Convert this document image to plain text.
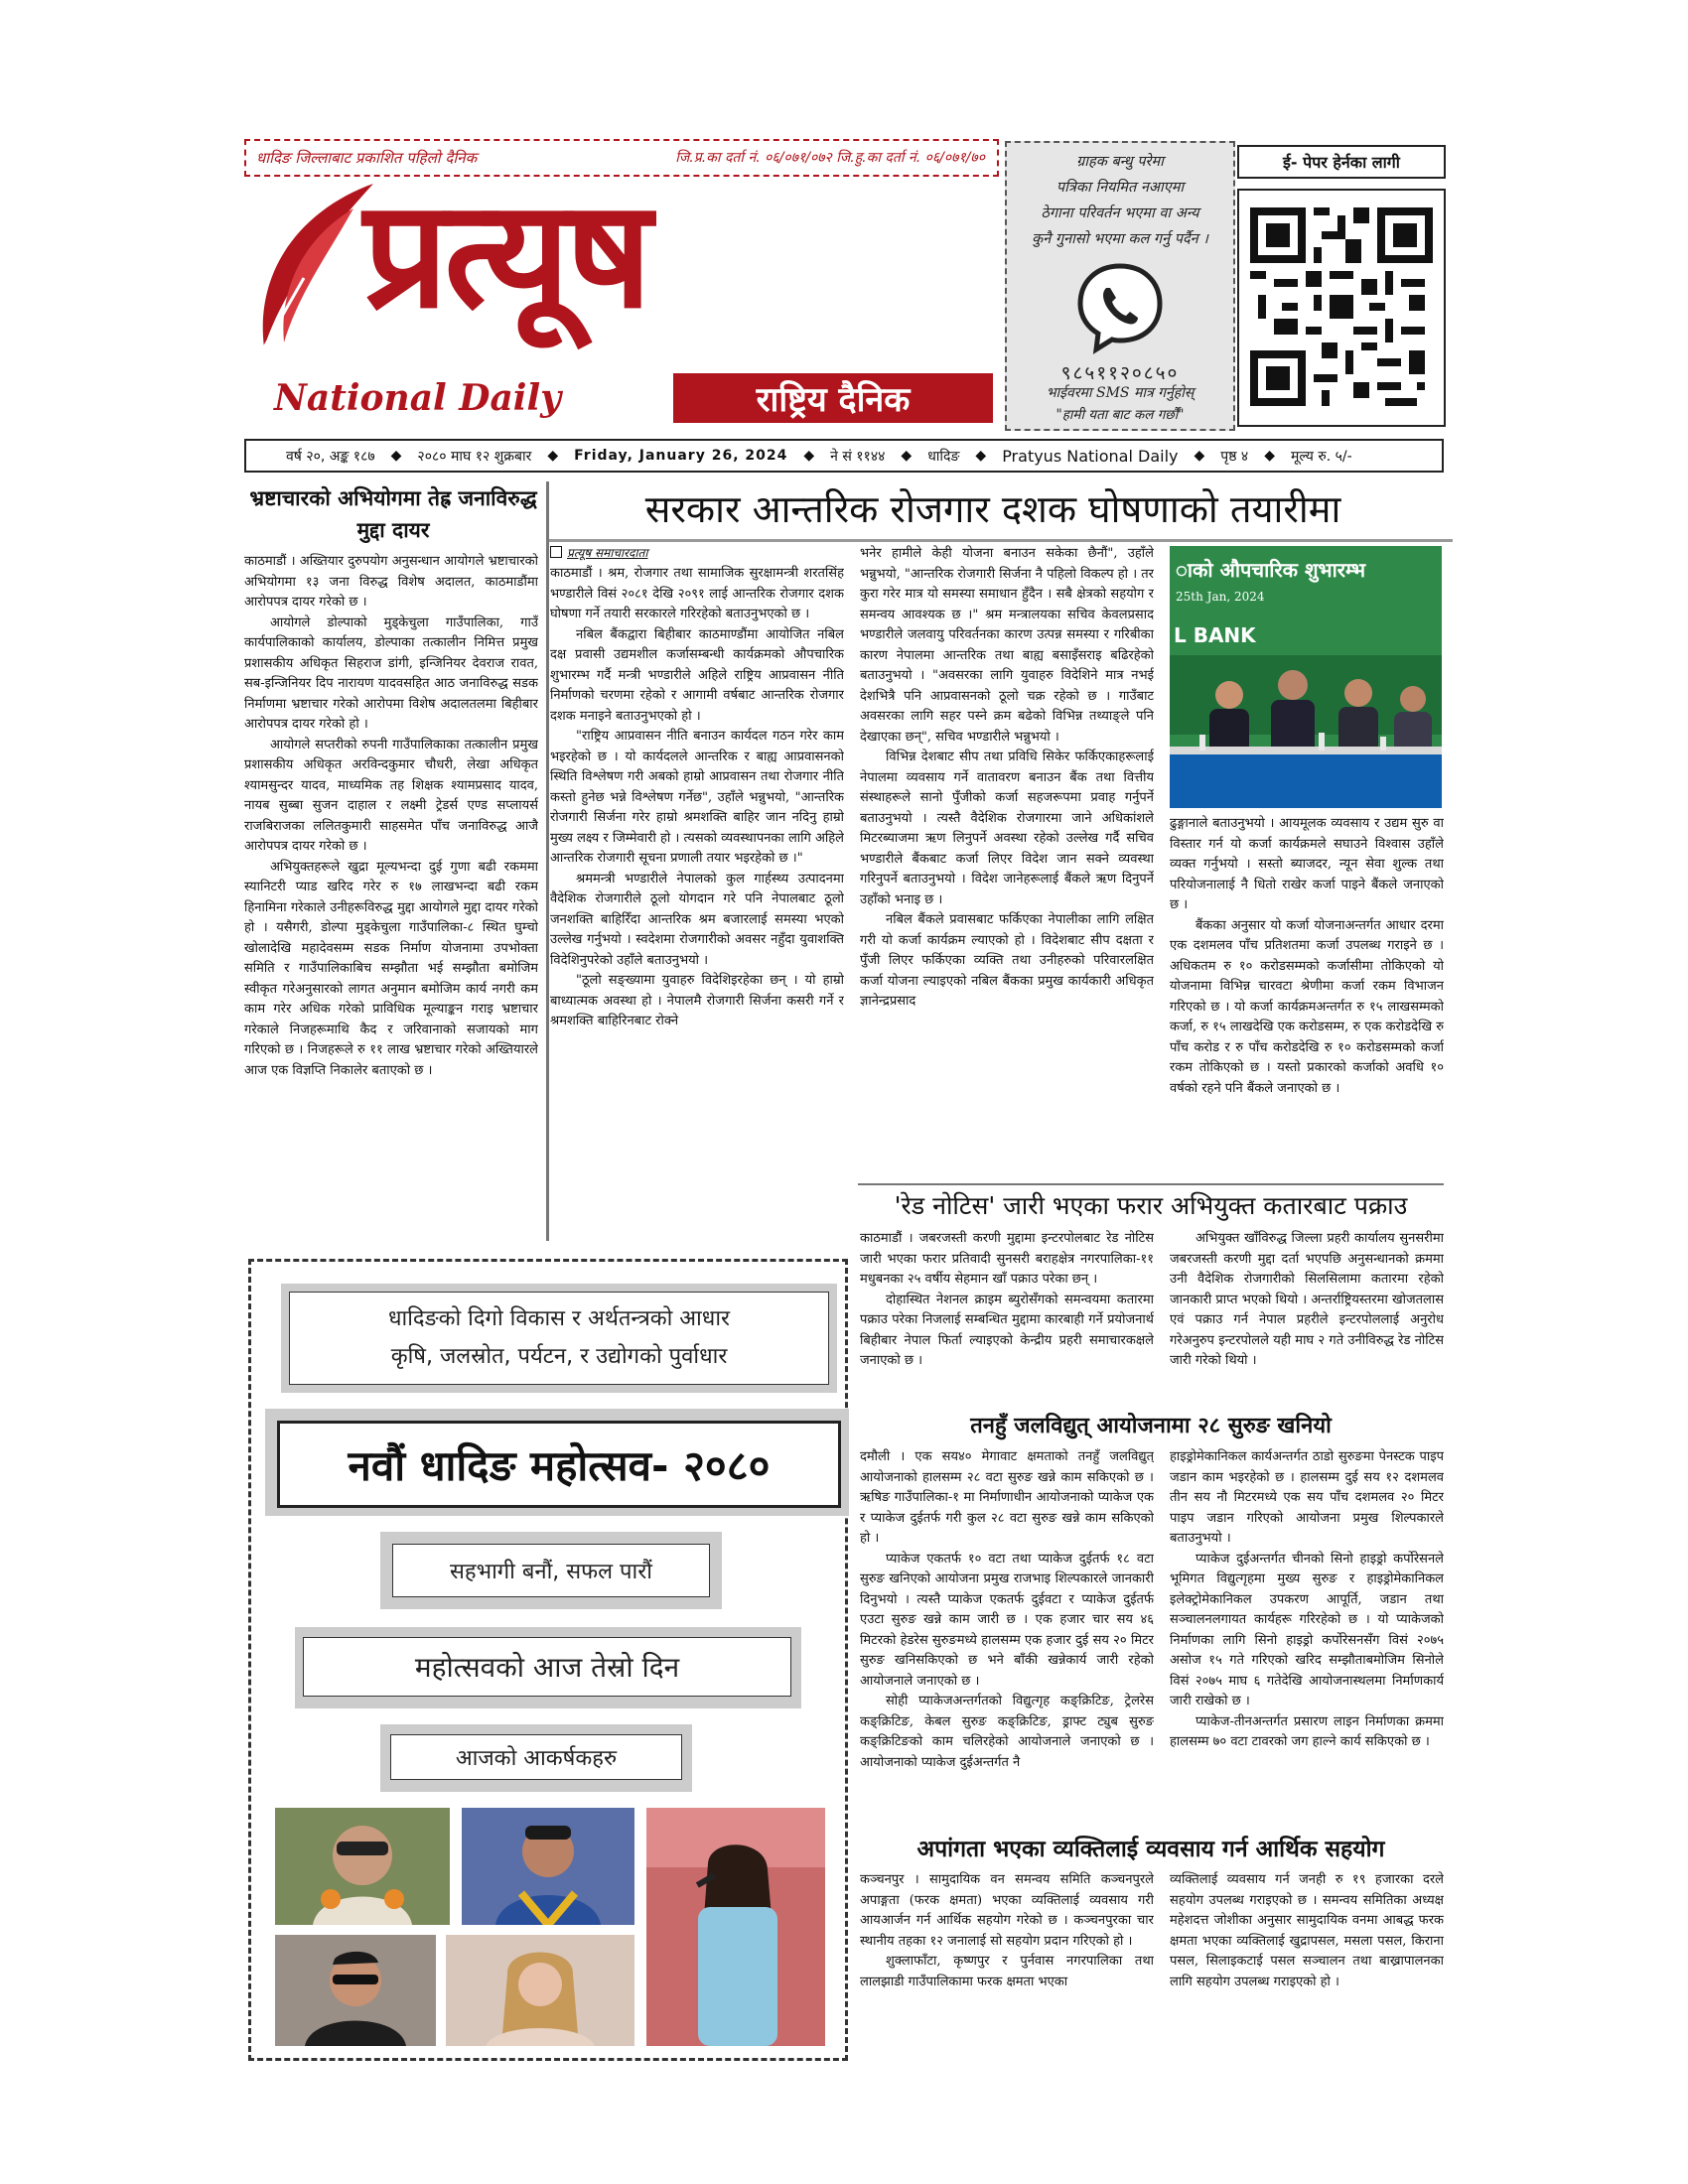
धादिङ जिल्लाबाट प्रकाशित पहिलो दैनिक	जि.प्र.का दर्ता नं. ०६/०७१/०७२ जि.हु.का दर्ता नं. ०६/०७१/७०
प्रत्यूष
National Daily	राष्ट्रिय दैनिक
ग्राहक बन्धु परेमा
पत्रिका नियमित नआएमा
ठेगाना परिवर्तन भएमा वा अन्य
कुनै गुनासो भएमा कल गर्नु पर्दैन ।
९८५११२०८५०
भाईवरमा SMS मात्र गर्नुहोस्
"हामी यता बाट कल गर्छौं"
ई- पेपर हेर्नका लागी
वर्ष २०, अङ्क १८७ ◆ २०८० माघ १२ शुक्रबार ◆ Friday, January 26, 2024 ◆ ने सं ११४४ ◆ धादिङ ◆ Pratyus National Daily ◆ पृष्ठ ४ ◆ मूल्य रु. ५/-
भ्रष्टाचारको अभियोगमा तेह्र जनाविरुद्ध मुद्दा दायर

काठमाडौं । अख्तियार दुरुपयोग अनुसन्धान आयोगले भ्रष्टाचारको अभियोगमा १३ जना विरुद्ध विशेष अदालत, काठमाडौंमा आरोपपत्र दायर गरेको छ ।

आयोगले डोल्पाको मुड्केचुला गाउँपालिका, गाउँ कार्यपालिकाको कार्यालय, डोल्पाका तत्कालीन निमित्त प्रमुख प्रशासकीय अधिकृत सिहराज डांगी, इन्जिनियर देवराज रावत, सब-इन्जिनियर दिप नारायण यादवसहित आठ जनाविरुद्ध सडक निर्माणमा भ्रष्टाचार गरेको आरोपमा विशेष अदालतलमा बिहीबार आरोपपत्र दायर गरेको हो ।

आयोगले सप्तरीको रुपनी गाउँपालिकाका तत्कालीन प्रमुख प्रशासकीय अधिकृत अरविन्दकुमार चौधरी, लेखा अधिकृत श्यामसुन्दर यादव, माध्यमिक तह शिक्षक श्यामप्रसाद यादव, नायब सुब्बा सुजन दाहाल र लक्ष्मी ट्रेडर्स एण्ड सप्लायर्स राजबिराजका ललितकुमारी साहसमेत पाँच जनाविरुद्ध आजै आरोपपत्र दायर गरेको छ ।

अभियुक्तहरूले खुद्रा मूल्यभन्दा दुई गुणा बढी रकममा स्यानिटरी प्याड खरिद गरेर रु १७ लाखभन्दा बढी रकम हिनामिना गरेकाले उनीहरूविरुद्ध मुद्दा आयोगले मुद्दा दायर गरेको हो । यसैगरी, डोल्पा मुड्केचुला गाउँपालिका-८ स्थित घुम्चो खोलादेखि महादेवसम्म सडक निर्माण योजनामा उपभोक्ता समिति र गाउँपालिकाबिच सम्झौता भई सम्झौता बमोजिम स्वीकृत गरेअनुसारको लागत अनुमान बमोजिम कार्य नगरी कम काम गरेर अधिक गरेको प्राविधिक मूल्याङ्कन गराइ भ्रष्टाचार गरेकाले निजहरूमाथि कैद र जरिवानाको सजायको माग गरिएको छ । निजहरूले रु ११ लाख भ्रष्टाचार गरेको अख्तियारले आज एक विज्ञप्ति निकालेर बताएको छ ।

सरकार आन्तरिक रोजगार दशक घोषणाको तयारीमा
प्रत्यूष समाचारदाता

काठमाडौं । श्रम, रोजगार तथा सामाजिक सुरक्षामन्त्री शरतसिंह भण्डारीले विसं २०८१ देखि २०९१ लाई आन्तरिक रोजगार दशक घोषणा गर्ने तयारी सरकारले गरिरहेको बताउनुभएको छ ।

नबिल बैंकद्वारा बिहीबार काठमाण्डौंमा आयोजित नबिल दक्ष प्रवासी उद्यमशील कर्जासम्बन्धी कार्यक्रमको औपचारिक शुभारम्भ गर्दै मन्त्री भण्डारीले अहिले राष्ट्रिय आप्रवासन नीति निर्माणको चरणमा रहेको र आगामी वर्षबाट आन्तरिक रोजगार दशक मनाइने बताउनुभएको हो ।

"राष्ट्रिय आप्रवासन नीति बनाउन कार्यदल गठन गरेर काम भइरहेको छ । यो कार्यदलले आन्तरिक र बाह्य आप्रवासनको स्थिति विश्लेषण गरी अबको हाम्रो आप्रवासन तथा रोजगार नीति कस्तो हुनेछ भन्ने विश्लेषण गर्नेछ", उहाँले भन्नुभयो, "आन्तरिक रोजगारी सिर्जना गरेर हाम्रो श्रमशक्ति बाहिर जान नदिनु हाम्रो मुख्य लक्ष्य र जिम्मेवारी हो । त्यसको व्यवस्थापनका लागि अहिले आन्तरिक रोजगारी सूचना प्रणाली तयार भइरहेको छ ।"

श्रममन्त्री भण्डारीले नेपालको कुल गार्हस्थ्य उत्पादनमा वैदेशिक रोजगारीले ठूलो योगदान गरे पनि नेपालबाट ठूलो जनशक्ति बाहिरिँदा आन्तरिक श्रम बजारलाई समस्या भएको उल्लेख गर्नुभयो । स्वदेशमा रोजगारीको अवसर नहुँदा युवाशक्ति विदेशिनुपरेको उहाँले बताउनुभयो ।

"ठूलो सङ्ख्यामा युवाहरु विदेशिइरहेका छन् । यो हाम्रो बाध्यात्मक अवस्था हो । नेपालमै रोजगारी सिर्जना कसरी गर्ने र श्रमशक्ति बाहिरिनबाट रोक्ने

भनेर हामीले केही योजना बनाउन सकेका छैनौं", उहाँले भन्नुभयो, "आन्तरिक रोजगारी सिर्जना नै पहिलो विकल्प हो । तर कुरा गरेर मात्र यो समस्या समाधान हुँदैन । सबै क्षेत्रको सहयोग र समन्वय आवश्यक छ ।" श्रम मन्त्रालयका सचिव केवलप्रसाद भण्डारीले जलवायु परिवर्तनका कारण उत्पन्न समस्या र गरिबीका कारण नेपालमा आन्तरिक तथा बाह्य बसाइँसराइ बढिरहेको बताउनुभयो । "अवसरका लागि युवाहरु विदेशिने मात्र नभई देशभित्रै पनि आप्रवासनको ठूलो चक्र रहेको छ । गाउँबाट अवसरका लागि सहर पस्ने क्रम बढेको विभिन्न तथ्याङ्ले पनि देखाएका छन्", सचिव भण्डारीले भन्नुभयो ।

विभिन्न देशबाट सीप तथा प्रविधि सिकेर फर्किएकाहरूलाई नेपालमा व्यवसाय गर्ने वातावरण बनाउन बैंक तथा वित्तीय संस्थाहरूले सानो पुँजीको कर्जा सहजरूपमा प्रवाह गर्नुपर्ने बताउनुभयो । त्यस्तै वैदेशिक रोजगारमा जाने अधिकांशले मिटरब्याजमा ऋण लिनुपर्ने अवस्था रहेको उल्लेख गर्दै सचिव भण्डारीले बैंकबाट कर्जा लिएर विदेश जान सक्ने व्यवस्था गरिनुपर्ने बताउनुभयो । विदेश जानेहरूलाई बैंकले ऋण दिनुपर्ने उहाँको भनाइ छ ।

नबिल बैंकले प्रवासबाट फर्किएका नेपालीका लागि लक्षित गरी यो कर्जा कार्यक्रम ल्याएको हो । विदेशबाट सीप दक्षता र पुँजी लिएर फर्किएका व्यक्ति तथा उनीहरुको परिवारलक्षित कर्जा योजना ल्याइएको नबिल बैंकका प्रमुख कार्यकारी अधिकृत ज्ञानेन्द्रप्रसाद

ाको औपचारिक शुभारम्भ
25th Jan, 2024
L BANK

ढुङ्गानाले बताउनुभयो । आयमूलक व्यवसाय र उद्यम सुरु वा विस्तार गर्न यो कर्जा कार्यक्रमले सघाउने विश्वास उहाँले व्यक्त गर्नुभयो । सस्तो ब्याजदर, न्यून सेवा शुल्क तथा परियोजनालाई नै धितो राखेर कर्जा पाइने बैंकले जनाएको छ ।

बैंकका अनुसार यो कर्जा योजनाअन्तर्गत आधार दरमा एक दशमलव पाँच प्रतिशतमा कर्जा उपलब्ध गराइने छ । अधिकतम रु १० करोडसम्मको कर्जासीमा तोकिएको यो योजनामा विभिन्न चारवटा श्रेणीमा कर्जा रकम विभाजन गरिएको छ । यो कर्जा कार्यक्रमअन्तर्गत रु १५ लाखसम्मको कर्जा, रु १५ लाखदेखि एक करोडसम्म, रु एक करोडदेखि रु पाँच करोड र रु पाँच करोडदेखि रु १० करोडसम्मको कर्जा रकम तोकिएको छ । यस्तो प्रकारको कर्जाको अवधि १० वर्षको रहने पनि बैंकले जनाएको छ ।

'रेड नोटिस' जारी भएका फरार अभियुक्त कतारबाट पक्राउ

काठमाडौं । जबरजस्ती करणी मुद्दामा इन्टरपोलबाट रेड नोटिस जारी भएका फरार प्रतिवादी सुनसरी बराहक्षेत्र नगरपालिका-११ मधुबनका २५ वर्षीय सेहमान खाँ पक्राउ परेका छन् ।

दोहास्थित नेशनल क्राइम ब्युरोसँगको समन्वयमा कतारमा पक्राउ परेका निजलाई सम्बन्धित मुद्दामा कारबाही गर्ने प्रयोजनार्थ बिहीबार नेपाल फिर्ता ल्याइएको केन्द्रीय प्रहरी समाचारकक्षले जनाएको छ ।

अभियुक्त खाँविरुद्ध जिल्ला प्रहरी कार्यालय सुनसरीमा जबरजस्ती करणी मुद्दा दर्ता भएपछि अनुसन्धानको क्रममा उनी वैदेशिक रोजगारीको सिलसिलामा कतारमा रहेको जानकारी प्राप्त भएको थियो । अन्तर्राष्ट्रियस्तरमा खोजतलास एवं पक्राउ गर्न नेपाल प्रहरीले इन्टरपोललाई अनुरोध गरेअनुरुप इन्टरपोलले यही माघ २ गते उनीविरुद्ध रेड नोटिस जारी गरेको थियो ।

तनहुँ जलविद्युत् आयोजनामा २८ सुरुङ खनियो

दमौली । एक सय४० मेगावाट क्षमताको तनहुँ जलविद्युत् आयोजनाको हालसम्म २८ वटा सुरुङ खन्ने काम सकिएको छ । ऋषिङ गाउँपालिका-१ मा निर्माणाधीन आयोजनाको प्याकेज एक र प्याकेज दुईतर्फ गरी कुल २८ वटा सुरुङ खन्ने काम सकिएको हो ।

प्याकेज एकतर्फ १० वटा तथा प्याकेज दुईतर्फ १८ वटा सुरुङ खनिएको आयोजना प्रमुख राजभाइ शिल्पकारले जानकारी दिनुभयो । त्यस्तै प्याकेज एकतर्फ दुईवटा र प्याकेज दुईतर्फ एउटा सुरुङ खन्ने काम जारी छ । एक हजार चार सय ४६ मिटरको हेडरेस सुरुङमध्ये हालसम्म एक हजार दुई सय २० मिटर सुरुङ खनिसकिएको छ भने बाँकी खन्नेकार्य जारी रहेको आयोजनाले जनाएको छ ।

सोही प्याकेजअन्तर्गतको विद्युत्गृह कङ्क्रिटिङ, ट्रेलरेस कङ्क्रिटिङ, केबल सुरुङ कङ्क्रिटिङ, ड्राफ्ट ट्युब सुरुङ कङ्क्रिटिङको काम चलिरहेको आयोजनाले जनाएको छ । आयोजनाको प्याकेज दुईअन्तर्गत नै

हाइड्रोमेकानिकल कार्यअन्तर्गत ठाडो सुरुङमा पेनस्टक पाइप जडान काम भइरहेको छ । हालसम्म दुई सय १२ दशमलव तीन सय नौ मिटरमध्ये एक सय पाँच दशमलव २० मिटर पाइप जडान गरिएको आयोजना प्रमुख शिल्पकारले बताउनुभयो ।

प्याकेज दुईअन्तर्गत चीनको सिनो हाइड्रो कर्पोरेसनले भूमिगत विद्युत्गृहमा मुख्य सुरुङ र हाइड्रोमेकानिकल इलेक्ट्रोमेकानिकल उपकरण आपूर्ति, जडान तथा सञ्चालनलगायत कार्यहरू गरिरहेको छ । यो प्याकेजको निर्माणका लागि सिनो हाइड्रो कर्पोरेसनसँग विसं २०७५ असोज १५ गते गरिएको खरिद सम्झौताबमोजिम सिनोले विसं २०७५ माघ ६ गतेदेखि आयोजनास्थलमा निर्माणकार्य जारी राखेको छ ।

प्याकेज-तीनअन्तर्गत प्रसारण लाइन निर्माणका क्रममा हालसम्म ७० वटा टावरको जग हाल्ने कार्य सकिएको छ ।

अपांगता भएका व्यक्तिलाई व्यवसाय गर्न आर्थिक सहयोग

कञ्चनपुर । सामुदायिक वन समन्वय समिति कञ्चनपुरले अपाङ्गता (फरक क्षमता) भएका व्यक्तिलाई व्यवसाय गरी आयआर्जन गर्न आर्थिक सहयोग गरेको छ । कञ्चनपुरका चार स्थानीय तहका १२ जनालाई सो सहयोग प्रदान गरिएको हो ।

शुक्लाफाँटा, कृष्णपुर र पुर्नवास नगरपालिका तथा लालझाडी गाउँपालिकामा फरक क्षमता भएका

व्यक्तिलाई व्यवसाय गर्न जनही रु १९ हजारका दरले सहयोग उपलब्ध गराइएको छ । समन्वय समितिका अध्यक्ष महेशदत्त जोशीका अनुसार सामुदायिक वनमा आबद्ध फरक क्षमता भएका व्यक्तिलाई खुद्रापसल, मसला पसल, किराना पसल, सिलाइकटाई पसल सञ्चालन तथा बाख्रापालनका लागि सहयोग उपलब्ध गराइएको हो ।

धादिङको दिगो विकास र अर्थतन्त्रको आधार
कृषि, जलस्रोत, पर्यटन, र उद्योगको पुर्वाधार
नवौं धादिङ महोत्सव- २०८०
सहभागी बनौं, सफल पारौं
महोत्सवको आज तेस्रो दिन
आजको आकर्षकहरु
